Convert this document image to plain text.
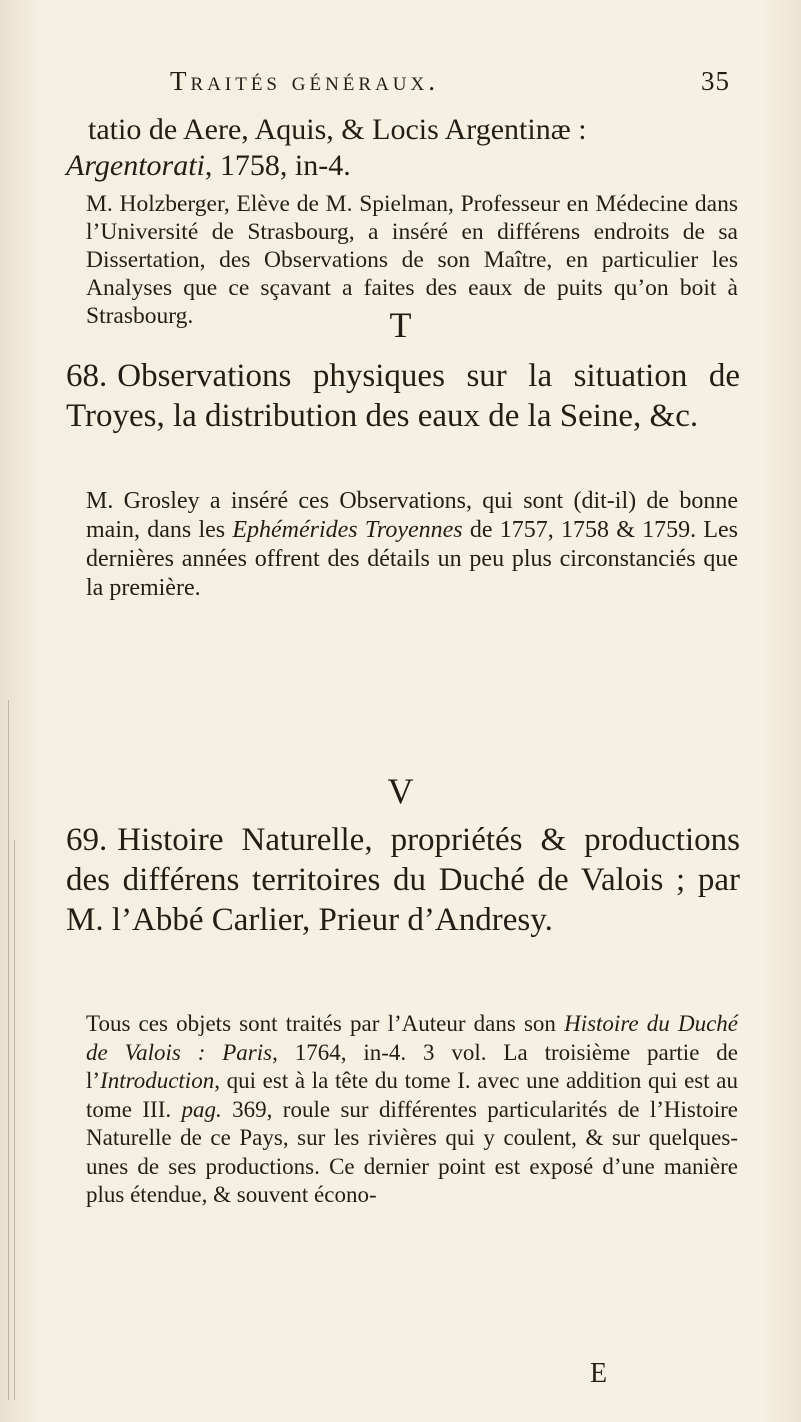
Traités généraux.	35
tatio de Aere, Aquis, & Locis Argentinæ :
Argentorati, 1758, in-4.
M. Holzberger, Elève de M. Spielman, Professeur en Médecine dans l’Université de Strasbourg, a inséré en différens endroits de sa Dissertation, des Observations de son Maître, en particulier les Analyses que ce sçavant a faites des eaux de puits qu’on boit à Strasbourg.	T
68. Observations physiques sur la situation de Troyes, la distribution des eaux de la Seine, &c.
M. Grosley a inséré ces Observations, qui sont (dit-il) de bonne main, dans les Ephémérides Troyennes de 1757, 1758 & 1759. Les dernières années offrent des détails un peu plus circonstanciés que la première.
V
69. Histoire Naturelle, propriétés & productions des différens territoires du Duché de Valois ; par M. l’Abbé Carlier, Prieur d’Andresy.
Tous ces objets sont traités par l’Auteur dans son Histoire du Duché de Valois : Paris, 1764, in-4. 3 vol. La troisième partie de l’Introduction, qui est à la tête du tome I. avec une addition qui est au tome III. pag. 369, roule sur différentes particularités de l’Histoire Naturelle de ce Pays, sur les rivières qui y coulent, & sur quelques-unes de ses productions. Ce dernier point est exposé d’une manière plus étendue, & souvent écono-
E
